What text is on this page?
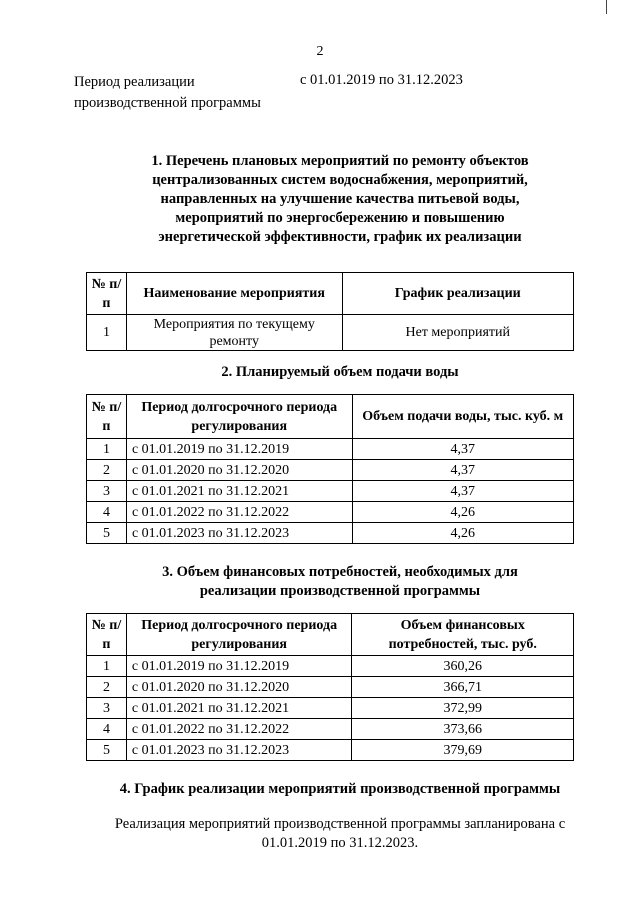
2
Период реализации производственной программы
с 01.01.2019 по 31.12.2023
1. Перечень плановых мероприятий по ремонту объектов централизованных систем водоснабжения, мероприятий, направленных на улучшение качества питьевой воды, мероприятий по энергосбережению и повышению энергетической эффективности, график их реализации
№ п/п	Наименование мероприятия	График реализации
1	Мероприятия по текущему ремонту	Нет мероприятий
2. Планируемый объем подачи воды
№ п/п	Период долгосрочного периода регулирования	Объем подачи воды, тыс. куб. м
1	с 01.01.2019 по 31.12.2019	4,37
2	с 01.01.2020 по 31.12.2020	4,37
3	с 01.01.2021 по 31.12.2021	4,37
4	с 01.01.2022 по 31.12.2022	4,26
5	с 01.01.2023 по 31.12.2023	4,26
3. Объем финансовых потребностей, необходимых для реализации производственной программы
№ п/п	Период долгосрочного периода регулирования	Объем финансовых потребностей, тыс. руб.
1	с 01.01.2019 по 31.12.2019	360,26
2	с 01.01.2020 по 31.12.2020	366,71
3	с 01.01.2021 по 31.12.2021	372,99
4	с 01.01.2022 по 31.12.2022	373,66
5	с 01.01.2023 по 31.12.2023	379,69
4. График реализации мероприятий производственной программы
Реализация мероприятий производственной программы запланирована с 01.01.2019 по 31.12.2023.
